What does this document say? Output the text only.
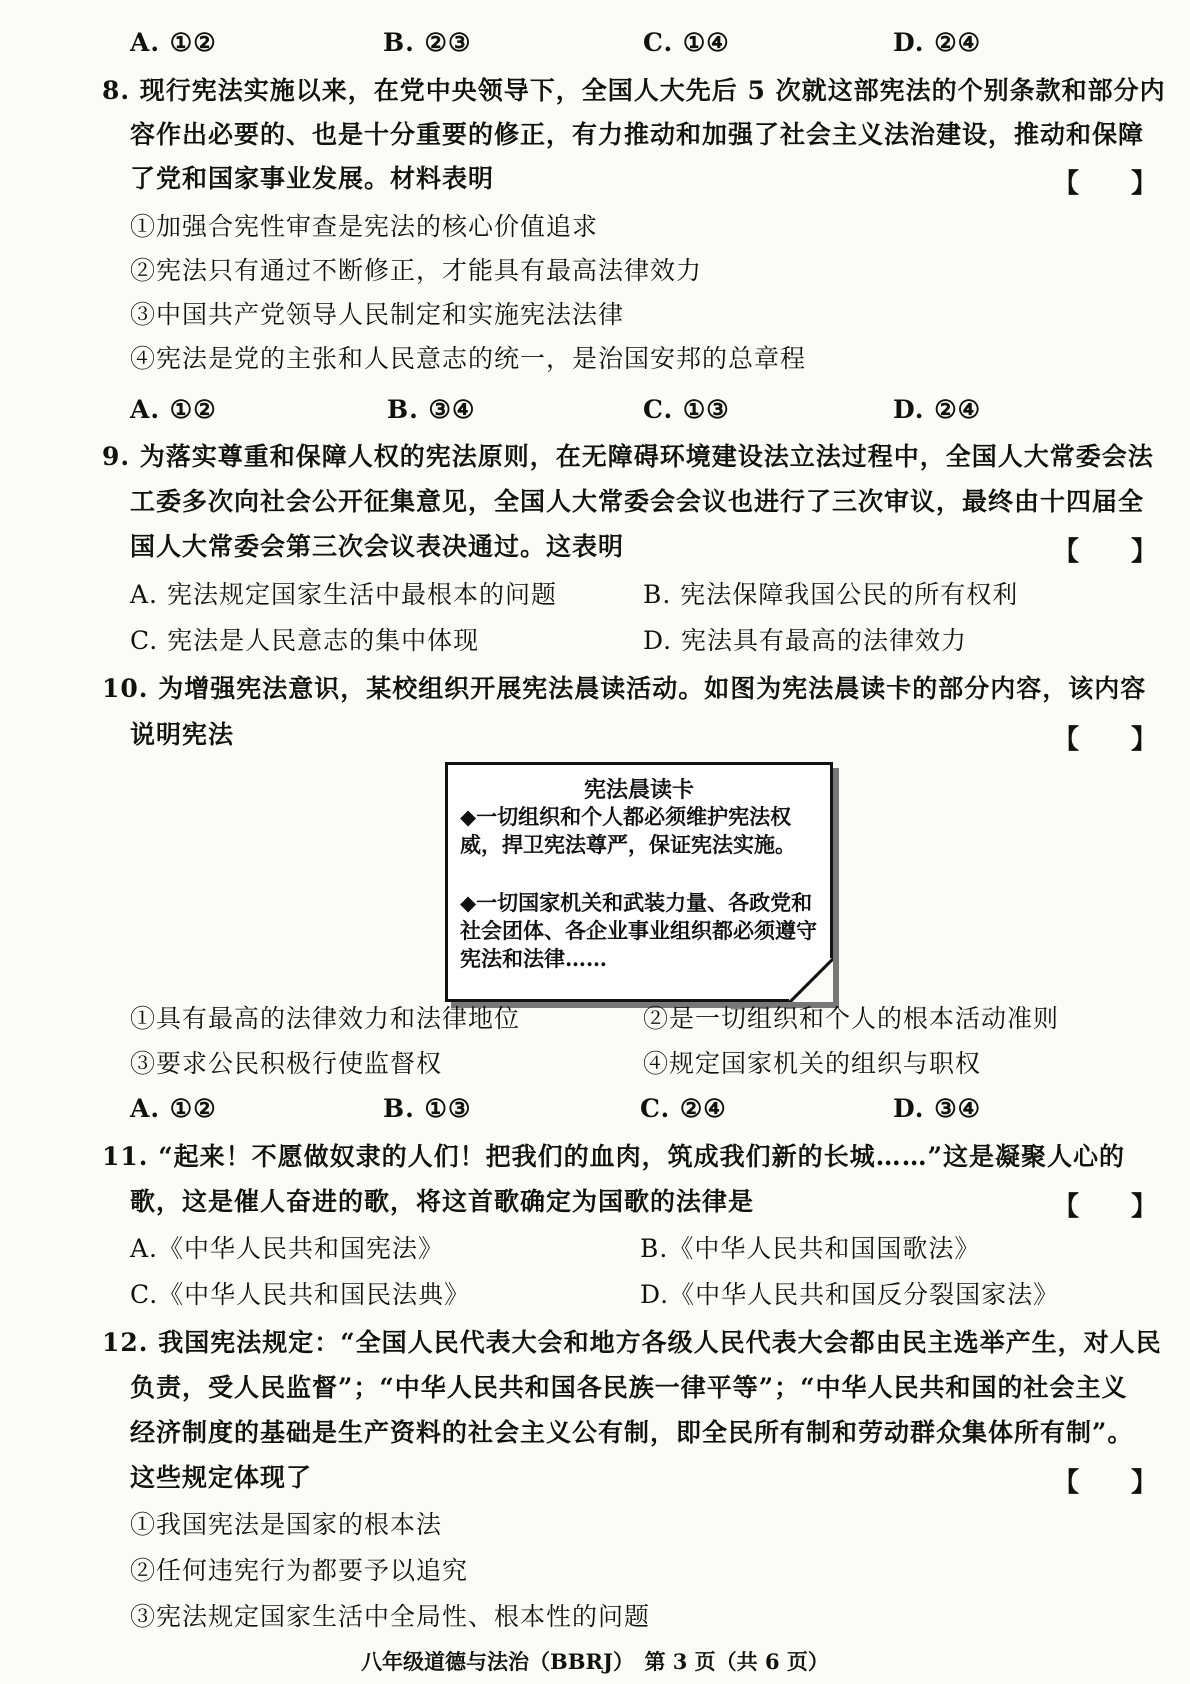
A. ①②	B. ②③	C. ①④	D. ②④
8. 现行宪法实施以来，在党中央领导下，全国人大先后 5 次就这部宪法的个别条款和部分内
容作出必要的、也是十分重要的修正，有力推动和加强了社会主义法治建设，推动和保障
了党和国家事业发展。材料表明	【　　】
①加强合宪性审查是宪法的核心价值追求
②宪法只有通过不断修正，才能具有最高法律效力
③中国共产党领导人民制定和实施宪法法律
④宪法是党的主张和人民意志的统一，是治国安邦的总章程
A. ①②	B. ③④	C. ①③	D. ②④
9. 为落实尊重和保障人权的宪法原则，在无障碍环境建设法立法过程中，全国人大常委会法
工委多次向社会公开征集意见，全国人大常委会会议也进行了三次审议，最终由十四届全
国人大常委会第三次会议表决通过。这表明	【　　】
A. 宪法规定国家生活中最根本的问题	B. 宪法保障我国公民的所有权利
C. 宪法是人民意志的集中体现	D. 宪法具有最高的法律效力
10. 为增强宪法意识，某校组织开展宪法晨读活动。如图为宪法晨读卡的部分内容，该内容
说明宪法	【　　】
宪法晨读卡
◆一切组织和个人都必须维护宪法权威，捍卫宪法尊严，保证宪法实施。
◆一切国家机关和武装力量、各政党和社会团体、各企业事业组织都必须遵守宪法和法律……
①具有最高的法律效力和法律地位	②是一切组织和个人的根本活动准则
③要求公民积极行使监督权	④规定国家机关的组织与职权
A. ①②	B. ①③	C. ②④	D. ③④
11. “起来！不愿做奴隶的人们！把我们的血肉，筑成我们新的长城……”这是凝聚人心的
歌，这是催人奋进的歌，将这首歌确定为国歌的法律是	【　　】
A.《中华人民共和国宪法》	B.《中华人民共和国国歌法》
C.《中华人民共和国民法典》	D.《中华人民共和国反分裂国家法》
12. 我国宪法规定：“全国人民代表大会和地方各级人民代表大会都由民主选举产生，对人民
负责，受人民监督”；“中华人民共和国各民族一律平等”；“中华人民共和国的社会主义
经济制度的基础是生产资料的社会主义公有制，即全民所有制和劳动群众集体所有制”。
这些规定体现了	【　　】
①我国宪法是国家的根本法
②任何违宪行为都要予以追究
③宪法规定国家生活中全局性、根本性的问题
八年级道德与法治（BBRJ）　第 3 页（共 6 页）
